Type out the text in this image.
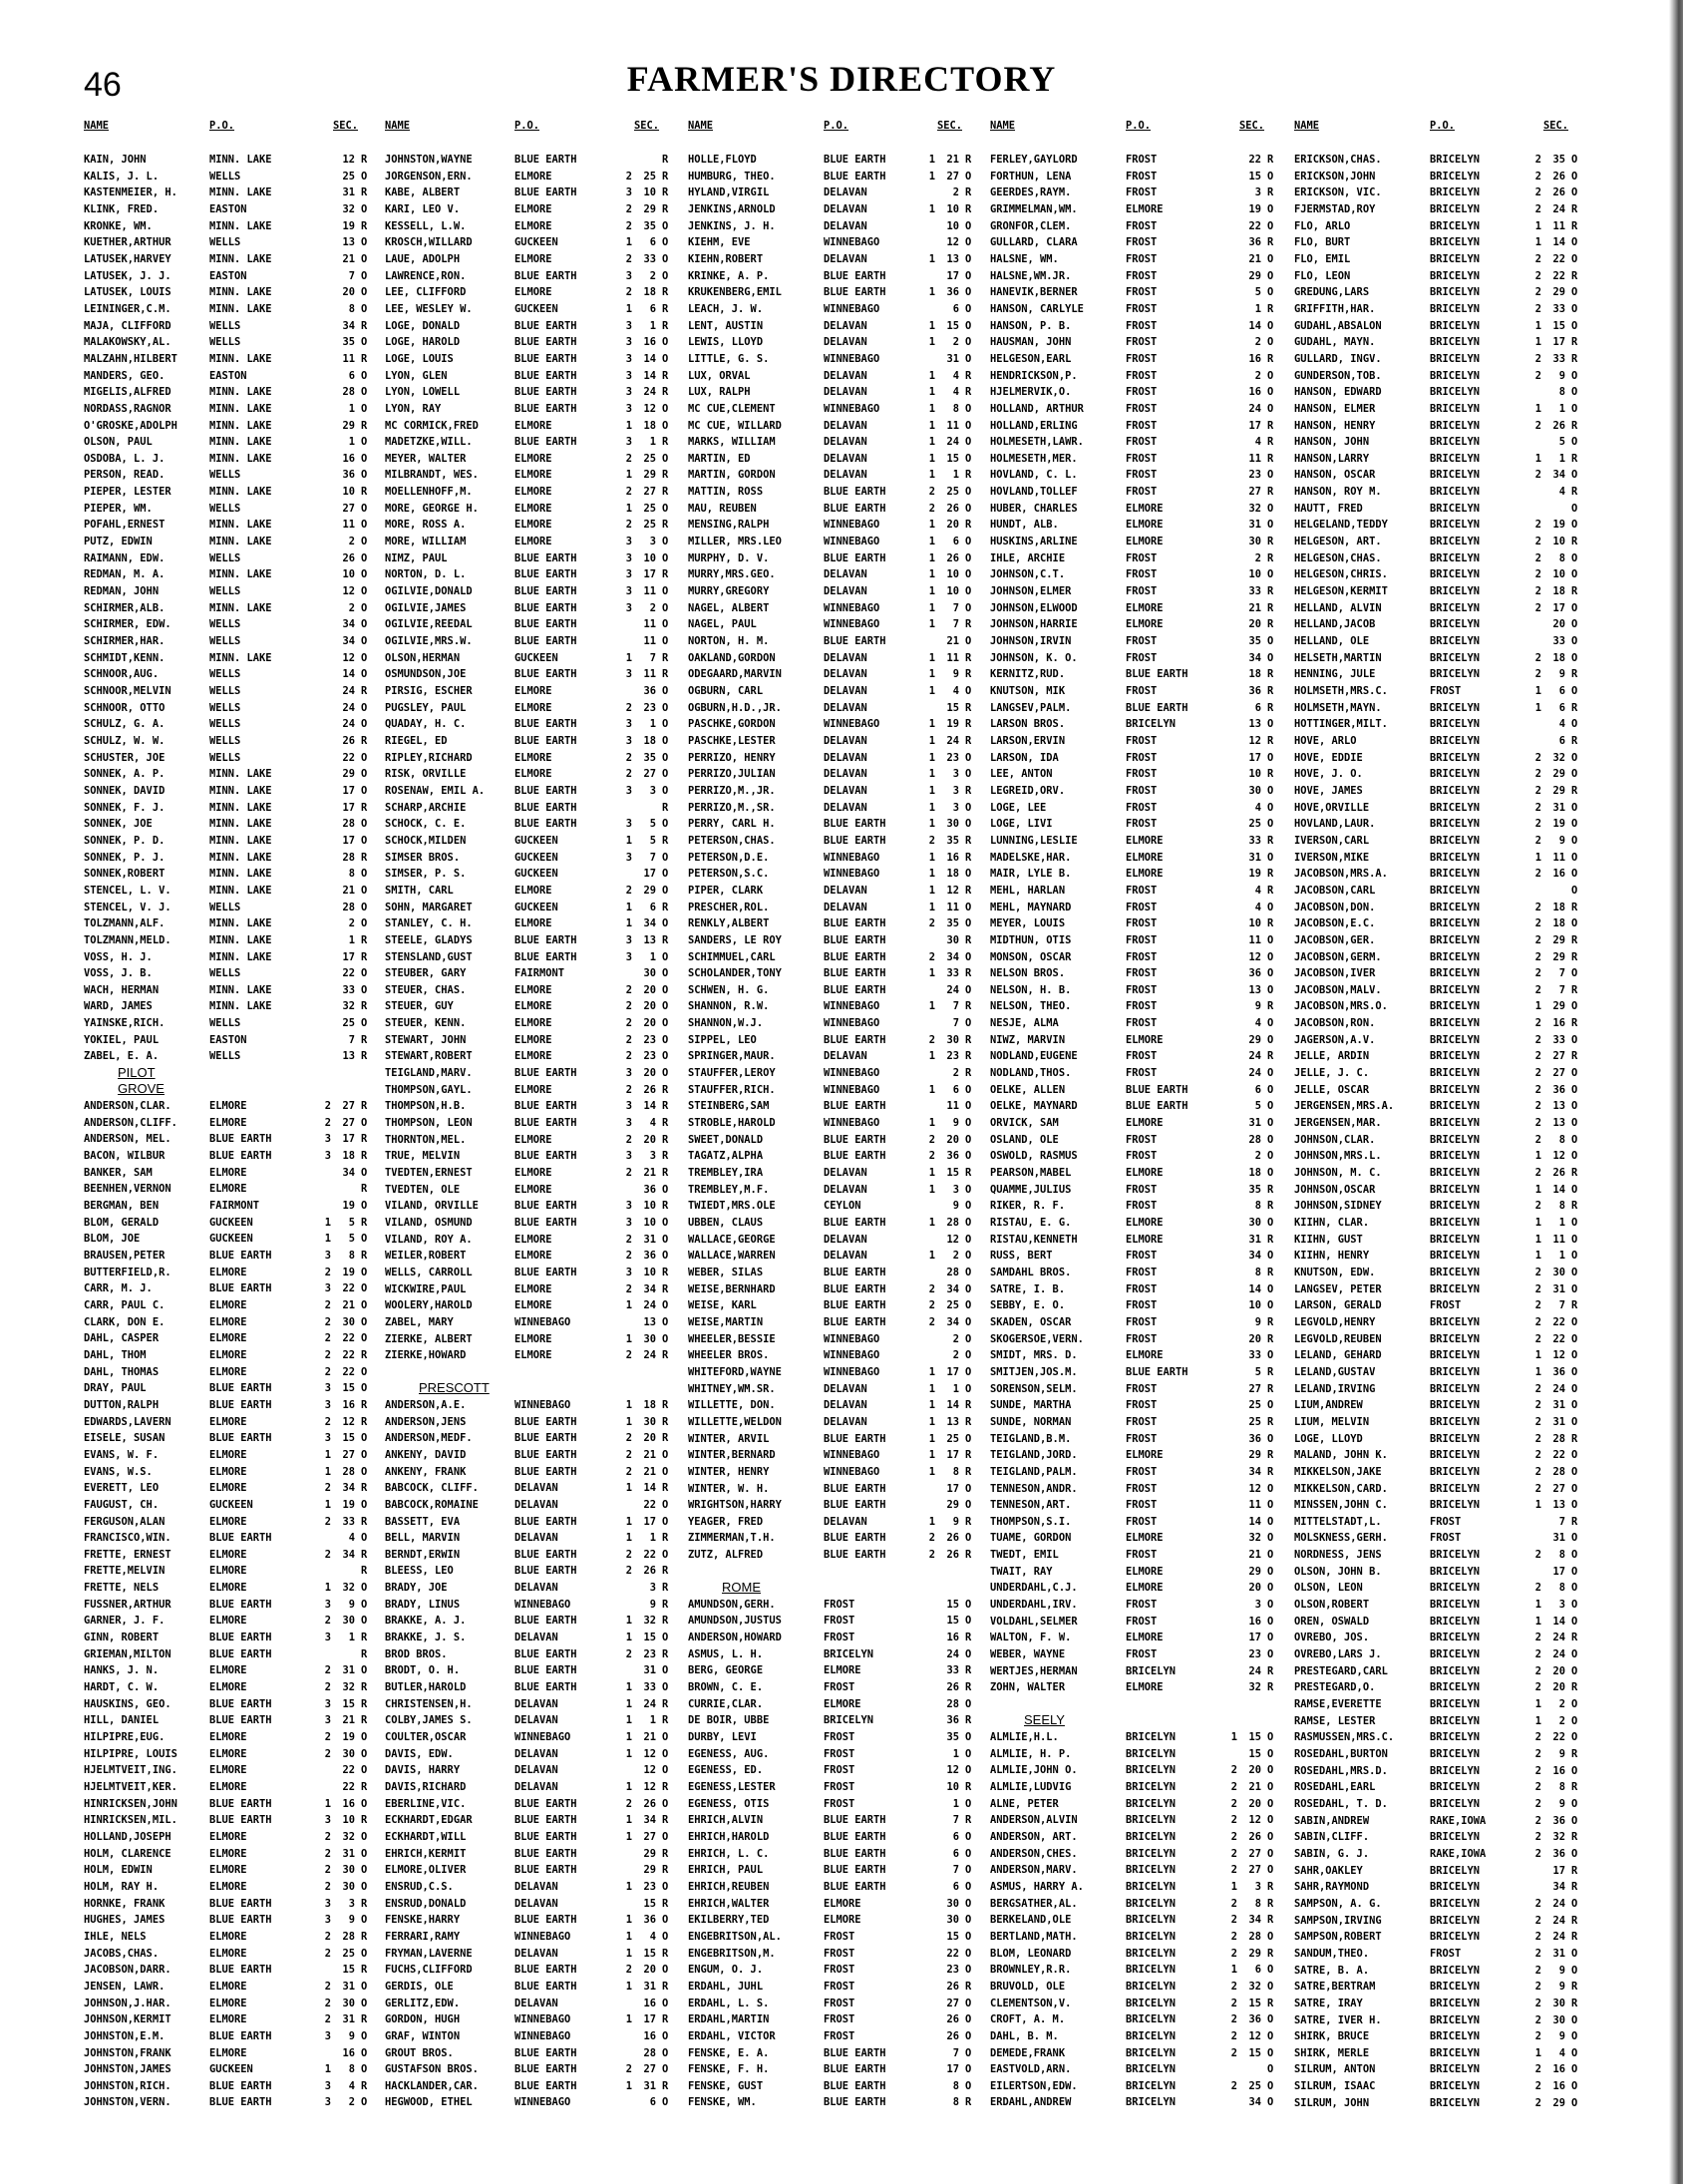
46	FARMER'S DIRECTORY
NAME	P.O.	SEC.
KAIN, JOHN	MINN. LAKE	12 R
KALIS, J. L.	WELLS	25 O
KASTENMEIER, H.	MINN. LAKE	31 R
KLINK, FRED.	EASTON	32 O
KRONKE, WM.	MINN. LAKE	19 R
KUETHER,ARTHUR	WELLS	13 O
LATUSEK,HARVEY	MINN. LAKE	21 O
LATUSEK, J. J.	EASTON	7 O
LATUSEK, LOUIS	MINN. LAKE	20 O
LEININGER,C.M.	MINN. LAKE	8 O
MAJA, CLIFFORD	WELLS	34 R
MALAKOWSKY,AL.	WELLS	35 O
MALZAHN,HILBERT	MINN. LAKE	11 R
MANDERS, GEO.	EASTON	6 O
MIGELIS,ALFRED	MINN. LAKE	28 O
NORDASS,RAGNOR	MINN. LAKE	1 O
O'GROSKE,ADOLPH	MINN. LAKE	29 R
OLSON, PAUL	MINN. LAKE	1 O
OSDOBA, L. J.	MINN. LAKE	16 O
PERSON, READ.	WELLS	36 O
PIEPER, LESTER	MINN. LAKE	10 R
PIEPER, WM.	WELLS	27 O
POFAHL,ERNEST	MINN. LAKE	11 O
PUTZ, EDWIN	MINN. LAKE	2 O
RAIMANN, EDW.	WELLS	26 O
REDMAN, M. A.	MINN. LAKE	10 O
REDMAN, JOHN	WELLS	12 O
SCHIRMER,ALB.	MINN. LAKE	2 O
SCHIRMER, EDW.	WELLS	34 O
SCHIRMER,HAR.	WELLS	34 O
SCHMIDT,KENN.	MINN. LAKE	12 O
SCHNOOR,AUG.	WELLS	14 O
SCHNOOR,MELVIN	WELLS	24 R
SCHNOOR, OTTO	WELLS	24 O
SCHULZ, G. A.	WELLS	24 O
SCHULZ, W. W.	WELLS	26 R
SCHUSTER, JOE	WELLS	22 O
SONNEK, A. P.	MINN. LAKE	29 O
SONNEK, DAVID	MINN. LAKE	17 O
SONNEK, F. J.	MINN. LAKE	17 R
SONNEK, JOE	MINN. LAKE	28 O
SONNEK, P. D.	MINN. LAKE	17 O
SONNEK, P. J.	MINN. LAKE	28 R
SONNEK,ROBERT	MINN. LAKE	8 O
STENCEL, L. V.	MINN. LAKE	21 O
STENCEL, V. J.	WELLS	28 O
TOLZMANN,ALF.	MINN. LAKE	2 O
TOLZMANN,MELD.	MINN. LAKE	1 R
VOSS, H. J.	MINN. LAKE	17 R
VOSS, J. B.	WELLS	22 O
WACH, HERMAN	MINN. LAKE	33 O
WARD, JAMES	MINN. LAKE	32 R
YAINSKE,RICH.	WELLS	25 O
YOKIEL, PAUL	EASTON	7 R
ZABEL, E. A.	WELLS	13 R
PILOT GROVE
ANDERSON,CLAR.	ELMORE	2	27 R
ANDERSON,CLIFF.	ELMORE	2	27 O
ANDERSON, MEL.	BLUE EARTH	3	17 R
BACON, WILBUR	BLUE EARTH	3	18 R
BANKER, SAM	ELMORE	34 O
BEENHEN,VERNON	ELMORE	R
BERGMAN, BEN	FAIRMONT	19 O
BLOM, GERALD	GUCKEEN	1	5 R
BLOM, JOE	GUCKEEN	1	5 O
BRAUSEN,PETER	BLUE EARTH	3	8 R
BUTTERFIELD,R.	ELMORE	2	19 O
CARR, M. J.	BLUE EARTH	3	22 O
CARR, PAUL C.	ELMORE	2	21 O
CLARK, DON E.	ELMORE	2	30 O
DAHL, CASPER	ELMORE	2	22 O
DAHL, THOM	ELMORE	2	22 R
DAHL, THOMAS	ELMORE	2	22 O
DRAY, PAUL	BLUE EARTH	3	15 O
DUTTON,RALPH	BLUE EARTH	3	16 R
EDWARDS,LAVERN	ELMORE	2	12 R
EISELE, SUSAN	BLUE EARTH	3	15 O
EVANS, W. F.	ELMORE	1	27 O
EVANS, W.S.	ELMORE	1	28 O
EVERETT, LEO	ELMORE	2	34 R
FAUGUST, CH.	GUCKEEN	1	19 O
FERGUSON,ALAN	ELMORE	2	33 R
FRANCISCO,WIN.	BLUE EARTH	4 O
FRETTE, ERNEST	ELMORE	2	34 R
FRETTE,MELVIN	ELMORE	R
FRETTE, NELS	ELMORE	1	32 O
FUSSNER,ARTHUR	BLUE EARTH	3	9 O
GARNER, J. F.	ELMORE	2	30 O
GINN, ROBERT	BLUE EARTH	3	1 R
GRIEMAN,MILTON	BLUE EARTH	R
HANKS, J. N.	ELMORE	2	31 O
HARDT, C. W.	ELMORE	2	32 R
HAUSKINS, GEO.	BLUE EARTH	3	15 R
HILL, DANIEL	BLUE EARTH	3	21 R
HILPIPRE,EUG.	ELMORE	2	19 O
HILPIPRE, LOUIS	ELMORE	2	30 O
HJELMTVEIT,ING.	ELMORE	22 O
HJELMTVEIT,KER.	ELMORE	22 R
HINRICKSEN,JOHN	BLUE EARTH	1	16 O
HINRICKSEN,MIL.	BLUE EARTH	3	10 R
HOLLAND,JOSEPH	ELMORE	2	32 O
HOLM, CLARENCE	ELMORE	2	31 O
HOLM, EDWIN	ELMORE	2	30 O
HOLM, RAY H.	ELMORE	2	30 O
HORNKE, FRANK	BLUE EARTH	3	3 R
HUGHES, JAMES	BLUE EARTH	3	9 O
IHLE, NELS	ELMORE	2	28 R
JACOBS,CHAS.	ELMORE	2	25 O
JACOBSON,DARR.	BLUE EARTH	15 R
JENSEN, LAWR.	ELMORE	2	31 O
JOHNSON,J.HAR.	ELMORE	2	30 O
JOHNSON,KERMIT	ELMORE	2	31 R
JOHNSTON,E.M.	BLUE EARTH	3	9 O
JOHNSTON,FRANK	ELMORE	16 O
JOHNSTON,JAMES	GUCKEEN	1	8 O
JOHNSTON,RICH.	BLUE EARTH	3	4 R
JOHNSTON,VERN.	BLUE EARTH	3	2 O
NAME	P.O.	SEC.
JOHNSTON,WAYNE	BLUE EARTH	R
JORGENSON,ERN.	ELMORE	2	25 R
KABE, ALBERT	BLUE EARTH	3	10 R
KARI, LEO V.	ELMORE	2	29 R
KESSELL, L.W.	ELMORE	2	35 O
KROSCH,WILLARD	GUCKEEN	1	6 O
LAUE, ADOLPH	ELMORE	2	33 O
LAWRENCE,RON.	BLUE EARTH	3	2 O
LEE, CLIFFORD	ELMORE	2	18 R
LEE, WESLEY W.	GUCKEEN	1	6 R
LOGE, DONALD	BLUE EARTH	3	1 R
LOGE, HAROLD	BLUE EARTH	3	16 O
LOGE, LOUIS	BLUE EARTH	3	14 O
LYON, GLEN	BLUE EARTH	3	14 R
LYON, LOWELL	BLUE EARTH	3	24 R
LYON, RAY	BLUE EARTH	3	12 O
MC CORMICK,FRED	ELMORE	1	18 O
MADETZKE,WILL.	BLUE EARTH	3	1 R
MEYER, WALTER	ELMORE	2	25 O
MILBRANDT, WES.	ELMORE	1	29 R
MOELLENHOFF,M.	ELMORE	2	27 R
MORE, GEORGE H.	ELMORE	1	25 O
MORE, ROSS A.	ELMORE	2	25 R
MORE, WILLIAM	ELMORE	3	3 O
NIMZ, PAUL	BLUE EARTH	3	10 O
NORTON, D. L.	BLUE EARTH	3	17 R
OGILVIE,DONALD	BLUE EARTH	3	11 O
OGILVIE,JAMES	BLUE EARTH	3	2 O
OGILVIE,REEDAL	BLUE EARTH	11 O
OGILVIE,MRS.W.	BLUE EARTH	11 O
OLSON,HERMAN	GUCKEEN	1	7 R
OSMUNDSON,JOE	BLUE EARTH	3	11 R
PIRSIG, ESCHER	ELMORE	36 O
PUGSLEY, PAUL	ELMORE	2	23 O
QUADAY, H. C.	BLUE EARTH	3	1 O
RIEGEL, ED	BLUE EARTH	3	18 O
RIPLEY,RICHARD	ELMORE	2	35 O
RISK, ORVILLE	ELMORE	2	27 O
ROSENAW, EMIL A.	BLUE EARTH	3	3 O
SCHARP,ARCHIE	BLUE EARTH	R
SCHOCK, C. E.	BLUE EARTH	3	5 O
SCHOCK,MILDEN	GUCKEEN	1	5 R
SIMSER BROS.	GUCKEEN	3	7 O
SIMSER, P. S.	GUCKEEN	17 O
SMITH, CARL	ELMORE	2	29 O
SOHN, MARGARET	GUCKEEN	1	6 R
STANLEY, C. H.	ELMORE	1	34 O
STEELE, GLADYS	BLUE EARTH	3	13 R
STENSLAND,GUST	BLUE EARTH	3	1 O
STEUBER, GARY	FAIRMONT	30 O
STEUER, CHAS.	ELMORE	2	20 O
STEUER, GUY	ELMORE	2	20 O
STEUER, KENN.	ELMORE	2	20 O
STEWART, JOHN	ELMORE	2	23 O
STEWART,ROBERT	ELMORE	2	23 O
TEIGLAND,MARV.	BLUE EARTH	3	20 O
THOMPSON,GAYL.	ELMORE	2	26 R
THOMPSON,H.B.	BLUE EARTH	3	14 R
THOMPSON, LEON	BLUE EARTH	3	4 R
THORNTON,MEL.	ELMORE	2	20 R
TRUE, MELVIN	BLUE EARTH	3	3 R
TVEDTEN,ERNEST	ELMORE	2	21 R
TVEDTEN, OLE	ELMORE	36 O
VILAND, ORVILLE	BLUE EARTH	3	10 R
VILAND, OSMUND	BLUE EARTH	3	10 O
VILAND, ROY A.	ELMORE	2	31 O
WEILER,ROBERT	ELMORE	2	36 O
WELLS, CARROLL	BLUE EARTH	3	10 R
WICKWIRE,PAUL	ELMORE	2	34 R
WOOLERY,HAROLD	ELMORE	1	24 O
ZABEL, MARY	WINNEBAGO	13 O
ZIERKE, ALBERT	ELMORE	1	30 O
ZIERKE,HOWARD	ELMORE	2	24 R
PRESCOTT
ANDERSON,A.E.	WINNEBAGO	1	18 R
ANDERSON,JENS	BLUE EARTH	1	30 R
ANDERSON,MEDF.	BLUE EARTH	2	20 R
ANKENY, DAVID	BLUE EARTH	2	21 O
ANKENY, FRANK	BLUE EARTH	2	21 O
BABCOCK, CLIFF.	DELAVAN	1	14 R
BABCOCK,ROMAINE	DELAVAN	22 O
BASSETT, EVA	BLUE EARTH	1	17 O
BELL, MARVIN	DELAVAN	1	1 R
BERNDT,ERWIN	BLUE EARTH	2	22 O
BLEESS, LEO	BLUE EARTH	2	26 R
BRADY, JOE	DELAVAN	3 R
BRADY, LINUS	WINNEBAGO	9 R
BRAKKE, A. J.	BLUE EARTH	1	32 R
BRAKKE, J. S.	DELAVAN	1	15 O
BROD BROS.	BLUE EARTH	2	23 R
BRODT, O. H.	BLUE EARTH	31 O
BUTLER,HAROLD	BLUE EARTH	1	33 O
CHRISTENSEN,H.	DELAVAN	1	24 R
COLBY,JAMES S.	DELAVAN	1	1 R
COULTER,OSCAR	WINNEBAGO	1	21 O
DAVIS, EDW.	DELAVAN	1	12 O
DAVIS, HARRY	DELAVAN	12 O
DAVIS,RICHARD	DELAVAN	1	12 R
EBERLINE,VIC.	BLUE EARTH	2	26 O
ECKHARDT,EDGAR	BLUE EARTH	1	34 R
ECKHARDT,WILL	BLUE EARTH	1	27 O
EHRICH,KERMIT	BLUE EARTH	29 R
ELMORE,OLIVER	BLUE EARTH	29 R
ENSRUD,C.S.	DELAVAN	1	23 O
ENSRUD,DONALD	DELAVAN	15 R
FENSKE,HARRY	BLUE EARTH	1	36 O
FERRARI,RAMY	WINNEBAGO	1	4 O
FRYMAN,LAVERNE	DELAVAN	1	15 R
FUCHS,CLIFFORD	BLUE EARTH	2	20 O
GERDIS, OLE	BLUE EARTH	1	31 R
GERLITZ,EDW.	DELAVAN	16 O
GORDON, HUGH	WINNEBAGO	1	17 R
GRAF, WINTON	WINNEBAGO	16 O
GROUT BROS.	BLUE EARTH	28 O
GUSTAFSON BROS.	BLUE EARTH	2	27 O
HACKLANDER,CAR.	BLUE EARTH	1	31 R
HEGWOOD, ETHEL	WINNEBAGO	6 O
NAME	P.O.	SEC.
HOLLE,FLOYD	BLUE EARTH	1	21 R
HUMBURG, THEO.	BLUE EARTH	1	27 O
HYLAND,VIRGIL	DELAVAN	2 R
JENKINS,ARNOLD	DELAVAN	1	10 R
JENKINS, J. H.	DELAVAN	10 O
KIEHM, EVE	WINNEBAGO	12 O
KIEHN,ROBERT	DELAVAN	1	13 O
KRINKE, A. P.	BLUE EARTH	17 O
KRUKENBERG,EMIL	BLUE EARTH	1	36 O
LEACH, J. W.	WINNEBAGO	6 O
LENT, AUSTIN	DELAVAN	1	15 O
LEWIS, LLOYD	DELAVAN	1	2 O
LITTLE, G. S.	WINNEBAGO	31 O
LUX, ORVAL	DELAVAN	1	4 R
LUX, RALPH	DELAVAN	1	4 R
MC CUE,CLEMENT	WINNEBAGO	1	8 O
MC CUE, WILLARD	DELAVAN	1	11 O
MARKS, WILLIAM	DELAVAN	1	24 O
MARTIN, ED	DELAVAN	1	15 O
MARTIN, GORDON	DELAVAN	1	1 R
MATTIN, ROSS	BLUE EARTH	2	25 O
MAU, REUBEN	BLUE EARTH	2	26 O
MENSING,RALPH	WINNEBAGO	1	20 R
MILLER, MRS.LEO	WINNEBAGO	1	6 O
MURPHY, D. V.	BLUE EARTH	1	26 O
MURRY,MRS.GEO.	DELAVAN	1	10 O
MURRY,GREGORY	DELAVAN	1	10 O
NAGEL, ALBERT	WINNEBAGO	1	7 O
NAGEL, PAUL	WINNEBAGO	1	7 R
NORTON, H. M.	BLUE EARTH	21 O
OAKLAND,GORDON	DELAVAN	1	11 R
ODEGAARD,MARVIN	DELAVAN	1	9 R
OGBURN, CARL	DELAVAN	1	4 O
OGBURN,H.D.,JR.	DELAVAN	15 R
PASCHKE,GORDON	WINNEBAGO	1	19 R
PASCHKE,LESTER	DELAVAN	1	24 R
PERRIZO, HENRY	DELAVAN	1	23 O
PERRIZO,JULIAN	DELAVAN	1	3 O
PERRIZO,M.,JR.	DELAVAN	1	3 R
PERRIZO,M.,SR.	DELAVAN	1	3 O
PERRY, CARL H.	BLUE EARTH	1	30 O
PETERSON,CHAS.	BLUE EARTH	2	35 R
PETERSON,D.E.	WINNEBAGO	1	16 R
PETERSON,S.C.	WINNEBAGO	1	18 O
PIPER, CLARK	DELAVAN	1	12 R
PRESCHER,ROL.	DELAVAN	1	11 O
RENKLY,ALBERT	BLUE EARTH	2	35 O
SANDERS, LE ROY	BLUE EARTH	30 R
SCHIMMUEL,CARL	BLUE EARTH	2	34 O
SCHOLANDER,TONY	BLUE EARTH	1	33 R
SCHWEN, H. G.	BLUE EARTH	24 O
SHANNON, R.W.	WINNEBAGO	1	7 R
SHANNON,W.J.	WINNEBAGO	7 O
SIPPEL, LEO	BLUE EARTH	2	30 R
SPRINGER,MAUR.	DELAVAN	1	23 R
STAUFFER,LEROY	WINNEBAGO	2 R
STAUFFER,RICH.	WINNEBAGO	1	6 O
STEINBERG,SAM	BLUE EARTH	11 O
STROBLE,HAROLD	WINNEBAGO	1	9 O
SWEET,DONALD	BLUE EARTH	2	20 O
TAGATZ,ALPHA	BLUE EARTH	2	36 O
TREMBLEY,IRA	DELAVAN	1	15 R
TREMBLEY,M.F.	DELAVAN	1	3 O
TWIEDT,MRS.OLE	CEYLON	9 O
UBBEN, CLAUS	BLUE EARTH	1	28 O
WALLACE,GEORGE	DELAVAN	12 O
WALLACE,WARREN	DELAVAN	1	2 O
WEBER, SILAS	BLUE EARTH	28 O
WEISE,BERNHARD	BLUE EARTH	2	34 O
WEISE, KARL	BLUE EARTH	2	25 O
WEISE,MARTIN	BLUE EARTH	2	34 O
WHEELER,BESSIE	WINNEBAGO	2 O
WHEELER BROS.	WINNEBAGO	2 O
WHITEFORD,WAYNE	WINNEBAGO	1	17 O
WHITNEY,WM.SR.	DELAVAN	1	1 O
WILLETTE, DON.	DELAVAN	1	14 R
WILLETTE,WELDON	DELAVAN	1	13 R
WINTER, ARVIL	BLUE EARTH	1	25 O
WINTER,BERNARD	WINNEBAGO	1	17 R
WINTER, HENRY	WINNEBAGO	1	8 R
WINTER, W. H.	BLUE EARTH	17 O
WRIGHTSON,HARRY	BLUE EARTH	29 O
YEAGER, FRED	DELAVAN	1	9 R
ZIMMERMAN,T.H.	BLUE EARTH	2	26 O
ZUTZ, ALFRED	BLUE EARTH	2	26 R
ROME
AMUNDSON,GERH.	FROST	15 O
AMUNDSON,JUSTUS	FROST	15 O
ANDERSON,HOWARD	FROST	16 R
ASMUS, L. H.	BRICELYN	24 O
BERG, GEORGE	ELMORE	33 R
BROWN, C. E.	FROST	26 R
CURRIE,CLAR.	ELMORE	28 O
DE BOIR, UBBE	BRICELYN	36 R
DURBY, LEVI	FROST	35 O
EGENESS, AUG.	FROST	1 O
EGENESS, ED.	FROST	12 O
EGENESS,LESTER	FROST	10 R
EGENESS, OTIS	FROST	1 O
EHRICH,ALVIN	BLUE EARTH	7 R
EHRICH,HAROLD	BLUE EARTH	6 O
EHRICH, L. C.	BLUE EARTH	6 O
EHRICH, PAUL	BLUE EARTH	7 O
EHRICH,REUBEN	BLUE EARTH	6 O
EHRICH,WALTER	ELMORE	30 O
EKILBERRY,TED	ELMORE	30 O
ENGEBRITSON,AL.	FROST	15 O
ENGEBRITSON,M.	FROST	22 O
ENGUM, O. J.	FROST	23 O
ERDAHL, JUHL	FROST	26 R
ERDAHL, L. S.	FROST	27 O
ERDAHL,MARTIN	FROST	26 O
ERDAHL, VICTOR	FROST	26 O
FENSKE, E. A.	BLUE EARTH	7 O
FENSKE, F. H.	BLUE EARTH	17 O
FENSKE, GUST	BLUE EARTH	8 O
FENSKE, WM.	BLUE EARTH	8 R
NAME	P.O.	SEC.
FERLEY,GAYLORD	FROST	22 R
FORTHUN, LENA	FROST	15 O
GEERDES,RAYM.	FROST	3 R
GRIMMELMAN,WM.	ELMORE	19 O
GRONFOR,CLEM.	FROST	22 O
GULLARD, CLARA	FROST	36 R
HALSNE, WM.	FROST	21 O
HALSNE,WM.JR.	FROST	29 O
HANEVIK,BERNER	FROST	5 O
HANSON, CARLYLE	FROST	1 R
HANSON, P. B.	FROST	14 O
HAUSMAN, JOHN	FROST	2 O
HELGESON,EARL	FROST	16 R
HENDRICKSON,P.	FROST	2 O
HJELMERVIK,O.	FROST	16 O
HOLLAND, ARTHUR	FROST	24 O
HOLLAND,ERLING	FROST	17 R
HOLMESETH,LAWR.	FROST	4 R
HOLMESETH,MER.	FROST	11 R
HOVLAND, C. L.	FROST	23 O
HOVLAND,TOLLEF	FROST	27 R
HUBER, CHARLES	ELMORE	32 O
HUNDT, ALB.	ELMORE	31 O
HUSKINS,ARLINE	ELMORE	30 R
IHLE, ARCHIE	FROST	2 R
JOHNSON,C.T.	FROST	10 O
JOHNSON,ELMER	FROST	33 R
JOHNSON,ELWOOD	ELMORE	21 R
JOHNSON,HARRIE	ELMORE	20 R
JOHNSON,IRVIN	FROST	35 O
JOHNSON, K. O.	FROST	34 O
KERNITZ,RUD.	BLUE EARTH	18 R
KNUTSON, MIK	FROST	36 R
LANGSEV,PALM.	BLUE EARTH	6 R
LARSON BROS.	BRICELYN	13 O
LARSON,ERVIN	FROST	12 R
LARSON, IDA	FROST	17 O
LEE, ANTON	FROST	10 R
LEGREID,ORV.	FROST	30 O
LOGE, LEE	FROST	4 O
LOGE, LIVI	FROST	25 O
LUNNING,LESLIE	ELMORE	33 R
MADELSKE,HAR.	ELMORE	31 O
MAIR, LYLE B.	ELMORE	19 R
MEHL, HARLAN	FROST	4 R
MEHL, MAYNARD	FROST	4 O
MEYER, LOUIS	FROST	10 R
MIDTHUN, OTIS	FROST	11 O
MONSON, OSCAR	FROST	12 O
NELSON BROS.	FROST	36 O
NELSON, H. B.	FROST	13 O
NELSON, THEO.	FROST	9 R
NESJE, ALMA	FROST	4 O
NIWZ, MARVIN	ELMORE	29 O
NODLAND,EUGENE	FROST	24 R
NODLAND,THOS.	FROST	24 O
OELKE, ALLEN	BLUE EARTH	6 O
OELKE, MAYNARD	BLUE EARTH	5 O
ORVICK, SAM	ELMORE	31 O
OSLAND, OLE	FROST	28 O
OSWOLD, RASMUS	FROST	2 O
PEARSON,MABEL	ELMORE	18 O
QUAMME,JULIUS	FROST	35 R
RIKER, R. F.	FROST	8 R
RISTAU, E. G.	ELMORE	30 O
RISTAU,KENNETH	ELMORE	31 R
RUSS, BERT	FROST	34 O
SAMDAHL BROS.	FROST	8 R
SATRE, I. B.	FROST	14 O
SEBBY, E. O.	FROST	10 O
SKADEN, OSCAR	FROST	9 R
SKOGERSOE,VERN.	FROST	20 R
SMIDT, MRS. D.	ELMORE	33 O
SMITJEN,JOS.M.	BLUE EARTH	5 R
SORENSON,SELM.	FROST	27 R
SUNDE, MARTHA	FROST	25 O
SUNDE, NORMAN	FROST	25 R
TEIGLAND,B.M.	FROST	36 O
TEIGLAND,JORD.	ELMORE	29 R
TEIGLAND,PALM.	FROST	34 R
TENNESON,ANDR.	FROST	12 O
TENNESON,ART.	FROST	11 O
THOMPSON,S.I.	FROST	14 O
TUAME, GORDON	ELMORE	32 O
TWEDT, EMIL	FROST	21 O
TWAIT, RAY	ELMORE	29 O
UNDERDAHL,C.J.	ELMORE	20 O
UNDERDAHL,IRV.	FROST	3 O
VOLDAHL,SELMER	FROST	16 O
WALTON, F. W.	ELMORE	17 O
WEBER, WAYNE	FROST	23 O
WERTJES,HERMAN	BRICELYN	24 R
ZOHN, WALTER	ELMORE	32 R
SEELY
ALMLIE,H.L.	BRICELYN	1	15 O
ALMLIE, H. P.	BRICELYN	15 O
ALMLIE,JOHN O.	BRICELYN	2	20 O
ALMLIE,LUDVIG	BRICELYN	2	21 O
ALNE, PETER	BRICELYN	2	20 O
ANDERSON,ALVIN	BRICELYN	2	12 O
ANDERSON, ART.	BRICELYN	2	26 O
ANDERSON,CHES.	BRICELYN	2	27 O
ANDERSON,MARV.	BRICELYN	2	27 O
ASMUS, HARRY A.	BRICELYN	1	3 R
BERGSATHER,AL.	BRICELYN	2	8 R
BERKELAND,OLE	BRICELYN	2	34 R
BERTLAND,MATH.	BRICELYN	2	28 O
BLOM, LEONARD	BRICELYN	2	29 R
BROWNLEY,R.R.	BRICELYN	1	6 O
BRUVOLD, OLE	BRICELYN	2	32 O
CLEMENTSON,V.	BRICELYN	2	15 R
CROFT, A. M.	BRICELYN	2	36 O
DAHL, B. M.	BRICELYN	2	12 O
DEMEDE,FRANK	BRICELYN	2	15 O
EASTVOLD,ARN.	BRICELYN	O
EILERTSON,EDW.	BRICELYN	2	25 O
ERDAHL,ANDREW	BRICELYN	34 O
NAME	P.O.	SEC.
ERICKSON,CHAS.	BRICELYN	2	35 O
ERICKSON,JOHN	BRICELYN	2	26 O
ERICKSON, VIC.	BRICELYN	2	26 O
FJERMSTAD,ROY	BRICELYN	2	24 R
FLO, ARLO	BRICELYN	1	11 R
FLO, BURT	BRICELYN	1	14 O
FLO, EMIL	BRICELYN	2	22 O
FLO, LEON	BRICELYN	2	22 R
GREDUNG,LARS	BRICELYN	2	29 O
GRIFFITH,HAR.	BRICELYN	2	33 O
GUDAHL,ABSALON	BRICELYN	1	15 O
GUDAHL, MAYN.	BRICELYN	1	17 R
GULLARD, INGV.	BRICELYN	2	33 R
GUNDERSON,TOB.	BRICELYN	2	9 O
HANSON, EDWARD	BRICELYN	8 O
HANSON, ELMER	BRICELYN	1	1 O
HANSON, HENRY	BRICELYN	2	26 R
HANSON, JOHN	BRICELYN	5 O
HANSON,LARRY	BRICELYN	1	1 R
HANSON, OSCAR	BRICELYN	2	34 O
HANSON, ROY M.	BRICELYN	4 R
HAUTT, FRED	BRICELYN	O
HELGELAND,TEDDY	BRICELYN	2	19 O
HELGESON, ART.	BRICELYN	2	10 R
HELGESON,CHAS.	BRICELYN	2	8 O
HELGESON,CHRIS.	BRICELYN	2	10 O
HELGESON,KERMIT	BRICELYN	2	18 R
HELLAND, ALVIN	BRICELYN	2	17 O
HELLAND,JACOB	BRICELYN	20 O
HELLAND, OLE	BRICELYN	33 O
HELSETH,MARTIN	BRICELYN	2	18 O
HENNING, JULE	BRICELYN	2	9 R
HOLMSETH,MRS.C.	FROST	1	6 O
HOLMSETH,MAYN.	BRICELYN	1	6 R
HOTTINGER,MILT.	BRICELYN	4 O
HOVE, ARLO	BRICELYN	6 R
HOVE, EDDIE	BRICELYN	2	32 O
HOVE, J. O.	BRICELYN	2	29 O
HOVE, JAMES	BRICELYN	2	29 R
HOVE,ORVILLE	BRICELYN	2	31 O
HOVLAND,LAUR.	BRICELYN	2	19 O
IVERSON,CARL	BRICELYN	2	9 O
IVERSON,MIKE	BRICELYN	1	11 O
JACOBSON,MRS.A.	BRICELYN	2	16 O
JACOBSON,CARL	BRICELYN	O
JACOBSON,DON.	BRICELYN	2	18 R
JACOBSON,E.C.	BRICELYN	2	18 O
JACOBSON,GER.	BRICELYN	2	29 R
JACOBSON,GERM.	BRICELYN	2	29 R
JACOBSON,IVER	BRICELYN	2	7 O
JACOBSON,MALV.	BRICELYN	2	7 R
JACOBSON,MRS.O.	BRICELYN	1	29 O
JACOBSON,RON.	BRICELYN	2	16 R
JAGERSON,A.V.	BRICELYN	2	33 O
JELLE, ARDIN	BRICELYN	2	27 R
JELLE, J. C.	BRICELYN	2	27 O
JELLE, OSCAR	BRICELYN	2	36 O
JERGENSEN,MRS.A.	BRICELYN	2	13 O
JERGENSEN,MAR.	BRICELYN	2	13 O
JOHNSON,CLAR.	BRICELYN	2	8 O
JOHNSON,MRS.L.	BRICELYN	1	12 O
JOHNSON, M. C.	BRICELYN	2	26 R
JOHNSON,OSCAR	BRICELYN	1	14 O
JOHNSON,SIDNEY	BRICELYN	2	8 R
KIIHN, CLAR.	BRICELYN	1	1 O
KIIHN, GUST	BRICELYN	1	11 O
KIIHN, HENRY	BRICELYN	1	1 O
KNUTSON, EDW.	BRICELYN	2	30 O
LANGSEV, PETER	BRICELYN	2	31 O
LARSON, GERALD	FROST	2	7 R
LEGVOLD,HENRY	BRICELYN	2	22 O
LEGVOLD,REUBEN	BRICELYN	2	22 O
LELAND, GEHARD	BRICELYN	1	12 O
LELAND,GUSTAV	BRICELYN	1	36 O
LELAND,IRVING	BRICELYN	2	24 O
LIUM,ANDREW	BRICELYN	2	31 O
LIUM, MELVIN	BRICELYN	2	31 O
LOGE, LLOYD	BRICELYN	2	28 R
MALAND, JOHN K.	BRICELYN	2	22 O
MIKKELSON,JAKE	BRICELYN	2	28 O
MIKKELSON,CARD.	BRICELYN	2	27 O
MINSSEN,JOHN C.	BRICELYN	1	13 O
MITTELSTADT,L.	FROST	7 R
MOLSKNESS,GERH.	FROST	31 O
NORDNESS, JENS	BRICELYN	2	8 O
OLSON, JOHN B.	BRICELYN	17 O
OLSON, LEON	BRICELYN	2	8 O
OLSON,ROBERT	BRICELYN	1	3 O
OREN, OSWALD	BRICELYN	1	14 O
OVREBO, JOS.	BRICELYN	2	24 R
OVREBO,LARS J.	BRICELYN	2	24 O
PRESTEGARD,CARL	BRICELYN	2	20 O
PRESTEGARD,O.	BRICELYN	2	20 R
RAMSE,EVERETTE	BRICELYN	1	2 O
RAMSE, LESTER	BRICELYN	1	2 O
RASMUSSEN,MRS.C.	BRICELYN	2	22 O
ROSEDAHL,BURTON	BRICELYN	2	9 R
ROSEDAHL,MRS.D.	BRICELYN	2	16 O
ROSEDAHL,EARL	BRICELYN	2	8 R
ROSEDAHL, T. D.	BRICELYN	2	9 O
SABIN,ANDREW	RAKE,IOWA	2	36 O
SABIN,CLIFF.	BRICELYN	2	32 R
SABIN, G. J.	RAKE,IOWA	2	36 O
SAHR,OAKLEY	BRICELYN	17 R
SAHR,RAYMOND	BRICELYN	34 R
SAMPSON, A. G.	BRICELYN	2	24 O
SAMPSON,IRVING	BRICELYN	2	24 R
SAMPSON,ROBERT	BRICELYN	2	24 R
SANDUM,THEO.	FROST	2	31 O
SATRE, B. A.	BRICELYN	2	9 O
SATRE,BERTRAM	BRICELYN	2	9 R
SATRE, IRAY	BRICELYN	2	30 R
SATRE, IVER H.	BRICELYN	2	30 O
SHIRK, BRUCE	BRICELYN	2	9 O
SHIRK, MERLE	BRICELYN	1	4 O
SILRUM, ANTON	BRICELYN	2	16 O
SILRUM, ISAAC	BRICELYN	2	16 O
SILRUM, JOHN	BRICELYN	2	29 O
